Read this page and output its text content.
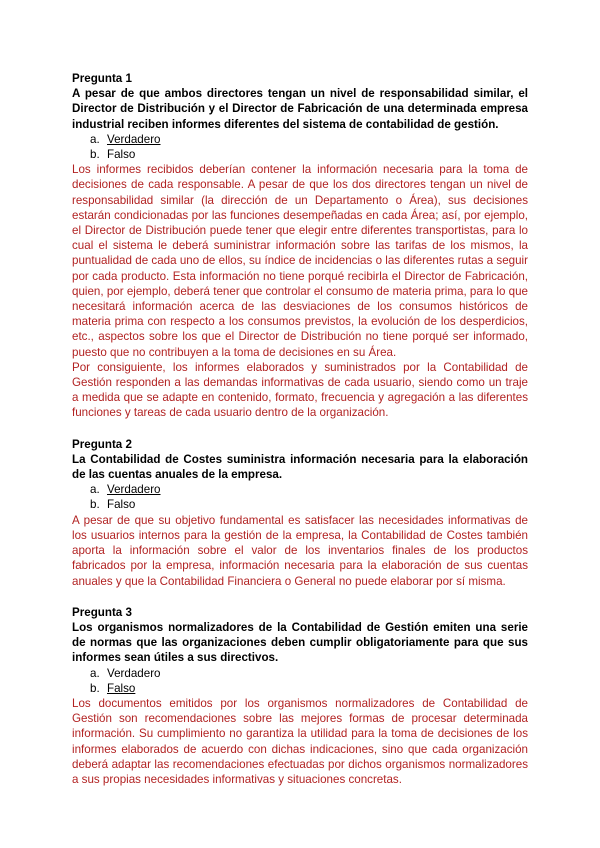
Pregunta 1

A pesar de que ambos directores tengan un nivel de responsabilidad similar, el Director de Distribución y el Director de Fabricación de una determinada empresa industrial reciben informes diferentes del sistema de contabilidad de gestión.

a. Verdadero
b. Falso

Los informes recibidos deberían contener la información necesaria para la toma de decisiones de cada responsable. A pesar de que los dos directores tengan un nivel de responsabilidad similar (la dirección de un Departamento o Área), sus decisiones estarán condicionadas por las funciones desempeñadas en cada Área; así, por ejemplo, el Director de Distribución puede tener que elegir entre diferentes transportistas, para lo cual el sistema le deberá suministrar información sobre las tarifas de los mismos, la puntualidad de cada uno de ellos, su índice de incidencias o las diferentes rutas a seguir por cada producto. Esta información no tiene porqué recibirla el Director de Fabricación, quien, por ejemplo, deberá tener que controlar el consumo de materia prima, para lo que necesitará información acerca de las desviaciones de los consumos históricos de materia prima con respecto a los consumos previstos, la evolución de los desperdicios, etc., aspectos sobre los que el Director de Distribución no tiene porqué ser informado, puesto que no contribuyen a la toma de decisiones en su Área.

Por consiguiente, los informes elaborados y suministrados por la Contabilidad de Gestión responden a las demandas informativas de cada usuario, siendo como un traje a medida que se adapte en contenido, formato, frecuencia y agregación a las diferentes funciones y tareas de cada usuario dentro de la organización.

Pregunta 2

La Contabilidad de Costes suministra información necesaria para la elaboración de las cuentas anuales de la empresa.

a. Verdadero
b. Falso

A pesar de que su objetivo fundamental es satisfacer las necesidades informativas de los usuarios internos para la gestión de la empresa, la Contabilidad de Costes también aporta la información sobre el valor de los inventarios finales de los productos fabricados por la empresa, información necesaria para la elaboración de sus cuentas anuales y que la Contabilidad Financiera o General no puede elaborar por sí misma.

Pregunta 3

Los organismos normalizadores de la Contabilidad de Gestión emiten una serie de normas que las organizaciones deben cumplir obligatoriamente para que sus informes sean útiles a sus directivos.

a. Verdadero
b. Falso

Los documentos emitidos por los organismos normalizadores de Contabilidad de Gestión son recomendaciones sobre las mejores formas de procesar determinada información. Su cumplimiento no garantiza la utilidad para la toma de decisiones de los informes elaborados de acuerdo con dichas indicaciones, sino que cada organización deberá adaptar las recomendaciones efectuadas por dichos organismos normalizadores a sus propias necesidades informativas y situaciones concretas.
